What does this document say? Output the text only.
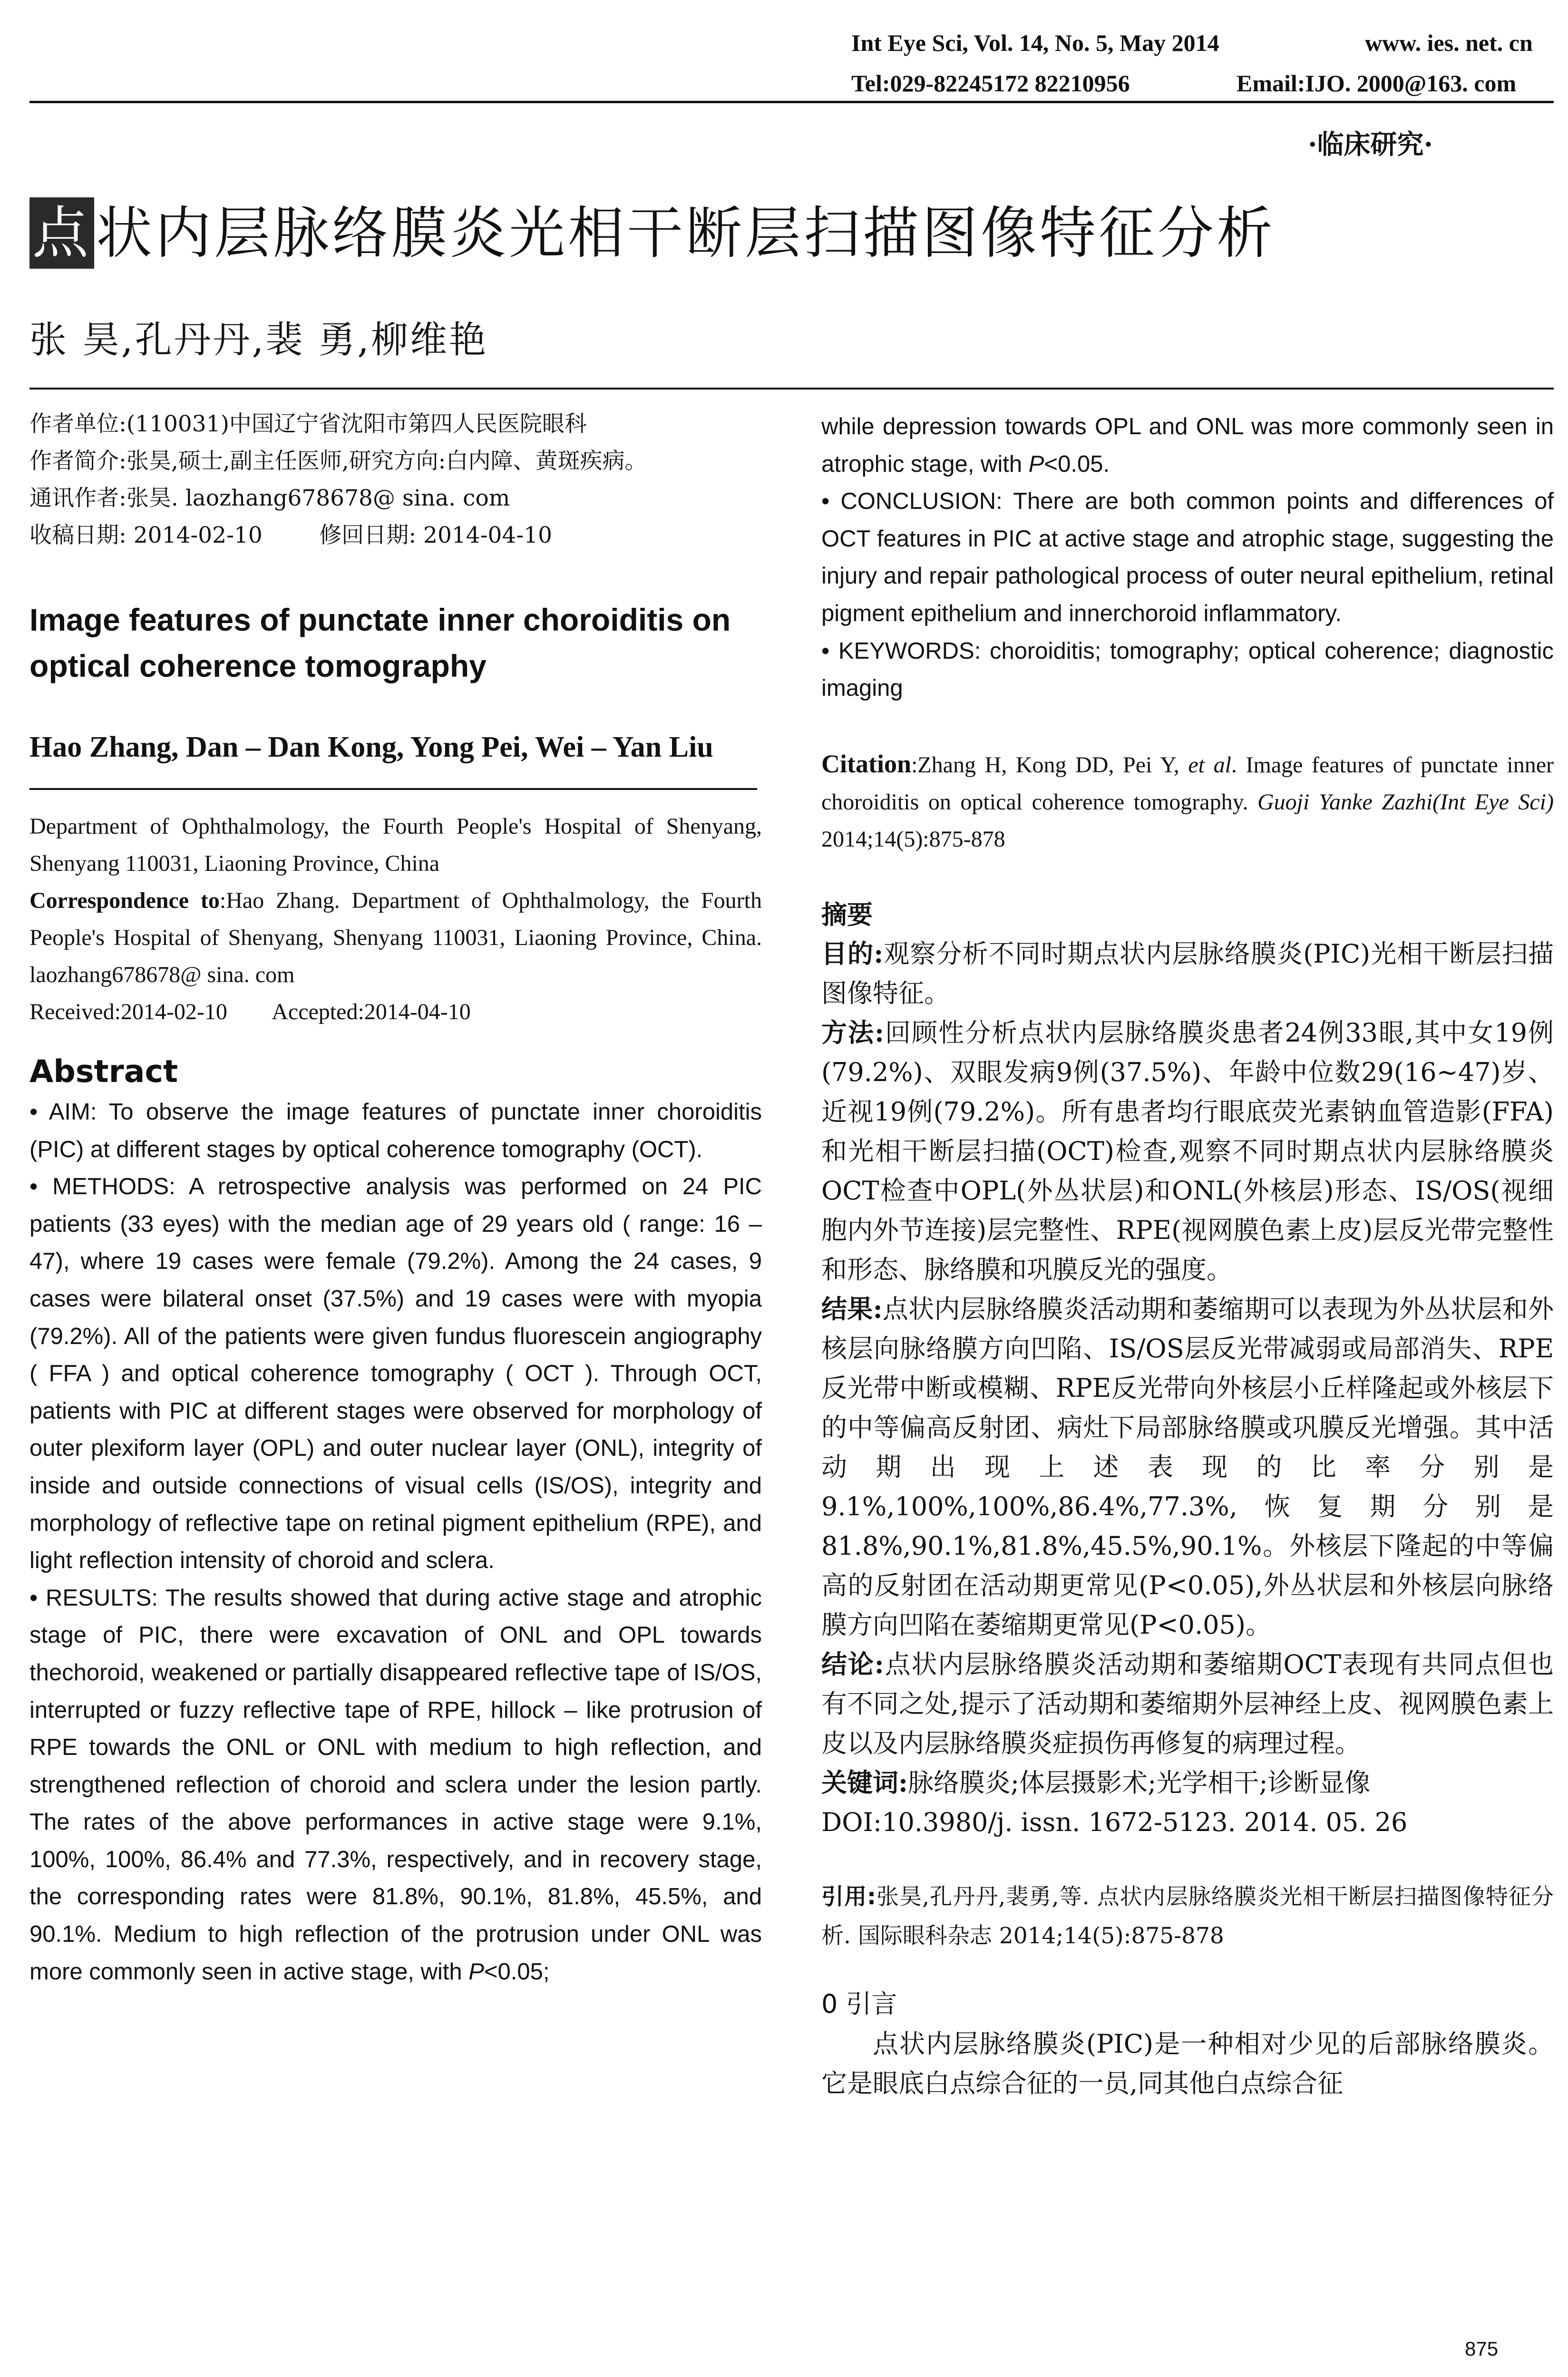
Int Eye Sci, Vol. 14, No. 5, May 2014	www. ies. net. cn
Tel:029-82245172 82210956	Email:IJO. 2000@163. com
·临床研究·
点状内层脉络膜炎光相干断层扫描图像特征分析
张 昊,孔丹丹,裴 勇,柳维艳

作者单位:(110031)中国辽宁省沈阳市第四人民医院眼科

作者简介:张昊,硕士,副主任医师,研究方向:白内障、黄斑疾病。

通讯作者:张昊. laozhang678678@ sina. com

收稿日期: 2014-02-10        修回日期: 2014-04-10

Image features of punctate inner choroiditis on optical coherence tomography
Hao Zhang, Dan – Dan Kong, Yong Pei, Wei – Yan Liu

Department of Ophthalmology, the Fourth People's Hospital of Shenyang, Shenyang 110031, Liaoning Province, China

Correspondence to:Hao Zhang. Department of Ophthalmology, the Fourth People's Hospital of Shenyang, Shenyang 110031, Liaoning Province, China. laozhang678678@ sina. com

Received:2014-02-10        Accepted:2014-04-10

Abstract

• AIM: To observe the image features of punctate inner choroiditis (PIC) at different stages by optical coherence tomography (OCT).

• METHODS: A retrospective analysis was performed on 24 PIC patients (33 eyes) with the median age of 29 years old ( range: 16 – 47), where 19 cases were female (79.2%). Among the 24 cases, 9 cases were bilateral onset (37.5%) and 19 cases were with myopia (79.2%). All of the patients were given fundus fluorescein angiography ( FFA ) and optical coherence tomography ( OCT ). Through OCT, patients with PIC at different stages were observed for morphology of outer plexiform layer (OPL) and outer nuclear layer (ONL), integrity of inside and outside connections of visual cells (IS/OS), integrity and morphology of reflective tape on retinal pigment epithelium (RPE), and light reflection intensity of choroid and sclera.

• RESULTS: The results showed that during active stage and atrophic stage of PIC, there were excavation of ONL and OPL towards thechoroid, weakened or partially disappeared reflective tape of IS/OS, interrupted or fuzzy reflective tape of RPE, hillock – like protrusion of RPE towards the ONL or ONL with medium to high reflection, and strengthened reflection of choroid and sclera under the lesion partly. The rates of the above performances in active stage were 9.1%, 100%, 100%, 86.4% and 77.3%, respectively, and in recovery stage, the corresponding rates were 81.8%, 90.1%, 81.8%, 45.5%, and 90.1%. Medium to high reflection of the protrusion under ONL was more commonly seen in active stage, with P<0.05;

while depression towards OPL and ONL was more commonly seen in atrophic stage, with P<0.05.

• CONCLUSION: There are both common points and differences of OCT features in PIC at active stage and atrophic stage, suggesting the injury and repair pathological process of outer neural epithelium, retinal pigment epithelium and innerchoroid inflammatory.

• KEYWORDS: choroiditis; tomography; optical coherence; diagnostic imaging

Citation:Zhang H, Kong DD, Pei Y, et al. Image features of punctate inner choroiditis on optical coherence tomography. Guoji Yanke Zazhi(Int Eye Sci) 2014;14(5):875-878
摘要

目的:观察分析不同时期点状内层脉络膜炎(PIC)光相干断层扫描图像特征。

方法:回顾性分析点状内层脉络膜炎患者24例33眼,其中女19例(79.2%)、双眼发病9例(37.5%)、年龄中位数29(16~47)岁、近视19例(79.2%)。所有患者均行眼底荧光素钠血管造影(FFA)和光相干断层扫描(OCT)检查,观察不同时期点状内层脉络膜炎OCT检查中OPL(外丛状层)和ONL(外核层)形态、IS/OS(视细胞内外节连接)层完整性、RPE(视网膜色素上皮)层反光带完整性和形态、脉络膜和巩膜反光的强度。

结果:点状内层脉络膜炎活动期和萎缩期可以表现为外丛状层和外核层向脉络膜方向凹陷、IS/OS层反光带减弱或局部消失、RPE反光带中断或模糊、RPE反光带向外核层小丘样隆起或外核层下的中等偏高反射团、病灶下局部脉络膜或巩膜反光增强。其中活动期出现上述表现的比率分别是9.1%,100%,100%,86.4%,77.3%,恢复期分别是81.8%,90.1%,81.8%,45.5%,90.1%。外核层下隆起的中等偏高的反射团在活动期更常见(P<0.05),外丛状层和外核层向脉络膜方向凹陷在萎缩期更常见(P<0.05)。

结论:点状内层脉络膜炎活动期和萎缩期OCT表现有共同点但也有不同之处,提示了活动期和萎缩期外层神经上皮、视网膜色素上皮以及内层脉络膜炎症损伤再修复的病理过程。

关键词:脉络膜炎;体层摄影术;光学相干;诊断显像

DOI:10.3980/j. issn. 1672-5123. 2014. 05. 26

引用:张昊,孔丹丹,裴勇,等. 点状内层脉络膜炎光相干断层扫描图像特征分析. 国际眼科杂志 2014;14(5):875-878
0 引言
点状内层脉络膜炎(PIC)是一种相对少见的后部脉络膜炎。它是眼底白点综合征的一员,同其他白点综合征
875
